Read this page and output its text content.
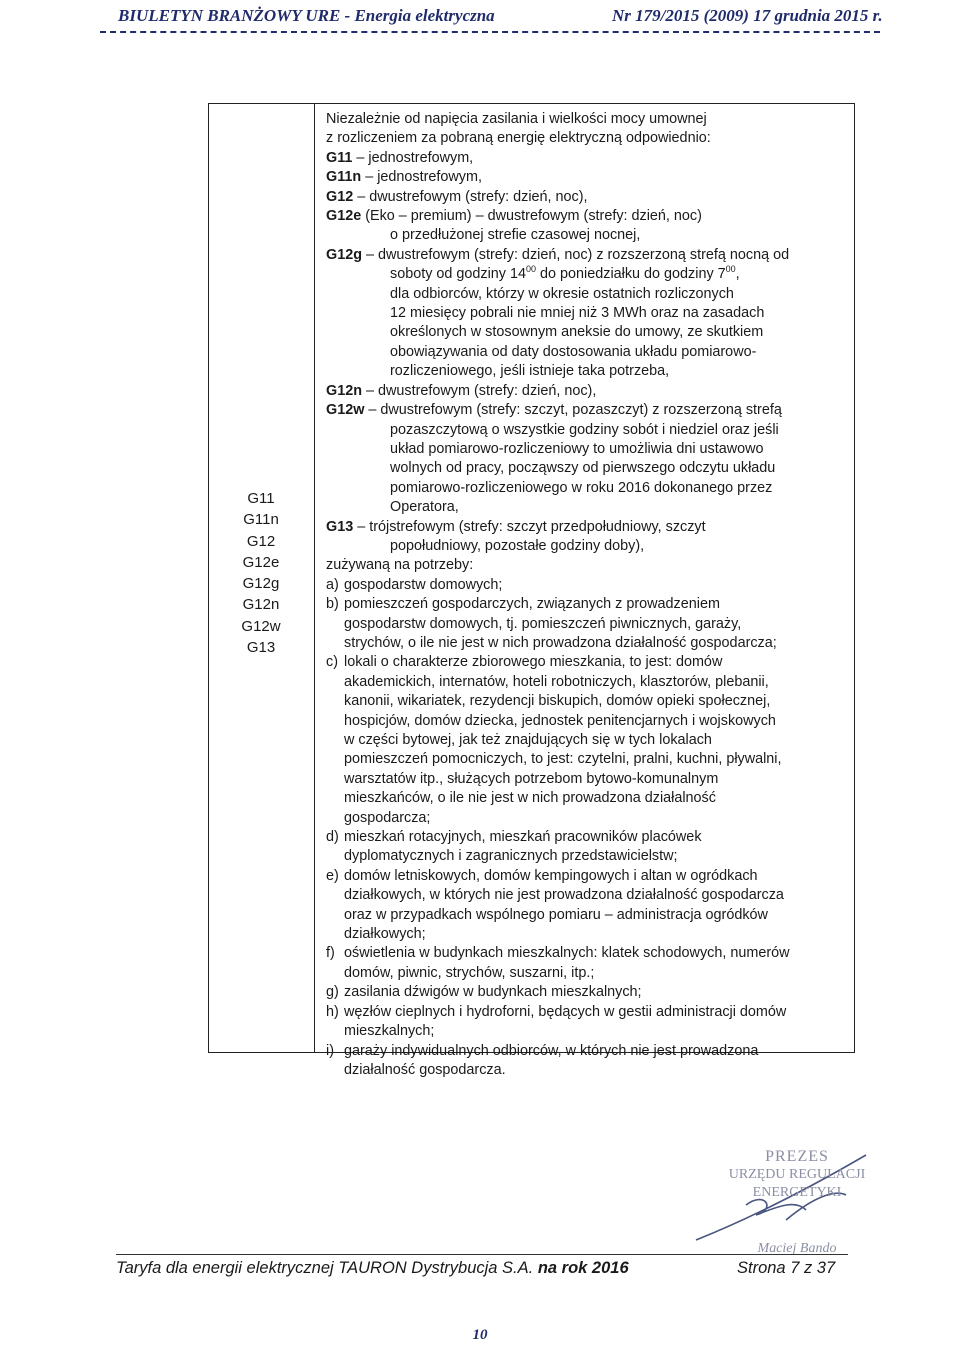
BIULETYN BRANŻOWY URE - Energia elektryczna	Nr 179/2015 (2009) 17 grudnia 2015 r.
G11
G11n
G12
G12e
G12g
G12n
G12w
G13

Niezależnie od napięcia zasilania i wielkości mocy umownej

z rozliczeniem za pobraną energię elektryczną odpowiednio:

G11 – jednostrefowym,

G11n – jednostrefowym,

G12 – dwustrefowym (strefy: dzień, noc),

G12e (Eko – premium) – dwustrefowym (strefy: dzień, noc)

o przedłużonej strefie czasowej nocnej,

G12g – dwustrefowym (strefy: dzień, noc) z rozszerzoną strefą nocną od

soboty od godziny $14^{00}$ do poniedziałku do godziny $7^{00}$,

dla odbiorców, którzy w okresie ostatnich rozliczonych

12 miesięcy pobrali nie mniej niż 3 MWh oraz na zasadach

określonych w stosownym aneksie do umowy, ze skutkiem

obowiązywania od daty dostosowania układu pomiarowo-

rozliczeniowego, jeśli istnieje taka potrzeba,

G12n – dwustrefowym (strefy: dzień, noc),

G12w – dwustrefowym (strefy: szczyt, pozaszczyt) z rozszerzoną strefą

pozaszczytową o wszystkie godziny sobót i niedziel oraz jeśli

układ pomiarowo-rozliczeniowy to umożliwia dni ustawowo

wolnych od pracy, począwszy od pierwszego odczytu układu

pomiarowo-rozliczeniowego w roku 2016 dokonanego przez

Operatora,

G13 – trójstrefowym (strefy: szczyt przedpołudniowy, szczyt

popołudniowy, pozostałe godziny doby),

zużywaną na potrzeby:

a) gospodarstw domowych;

b) pomieszczeń gospodarczych, związanych z prowadzeniem

gospodarstw domowych, tj. pomieszczeń piwnicznych, garaży,

strychów, o ile nie jest w nich prowadzona działalność gospodarcza;

c) lokali o charakterze zbiorowego mieszkania, to jest: domów

akademickich, internatów, hoteli robotniczych, klasztorów, plebanii,

kanonii, wikariatek, rezydencji biskupich, domów opieki społecznej,

hospicjów, domów dziecka, jednostek penitencjarnych i wojskowych

w części bytowej, jak też znajdujących się w tych lokalach

pomieszczeń pomocniczych, to jest: czytelni, pralni, kuchni, pływalni,

warsztatów itp., służących potrzebom bytowo-komunalnym

mieszkańców, o ile nie jest w nich prowadzona działalność

gospodarcza;

d) mieszkań rotacyjnych, mieszkań pracowników placówek

dyplomatycznych i zagranicznych przedstawicielstw;

e) domów letniskowych, domów kempingowych i altan w ogródkach

działkowych, w których nie jest prowadzona działalność gospodarcza

oraz w przypadkach wspólnego pomiaru – administracja ogródków

działkowych;

f) oświetlenia w budynkach mieszkalnych: klatek schodowych, numerów

domów, piwnic, strychów, suszarni, itp.;

g) zasilania dźwigów w budynkach mieszkalnych;

h) węzłów cieplnych i hydroforni, będących w gestii administracji domów

mieszkalnych;

i) garaży indywidualnych odbiorców, w których nie jest prowadzona

działalność gospodarcza.

PREZES
URZĘDU REGULACJI ENERGETYKI
Maciej Bando
Taryfa dla energii elektrycznej TAURON Dystrybucja S.A. na rok 2016	Strona 7 z 37
10
